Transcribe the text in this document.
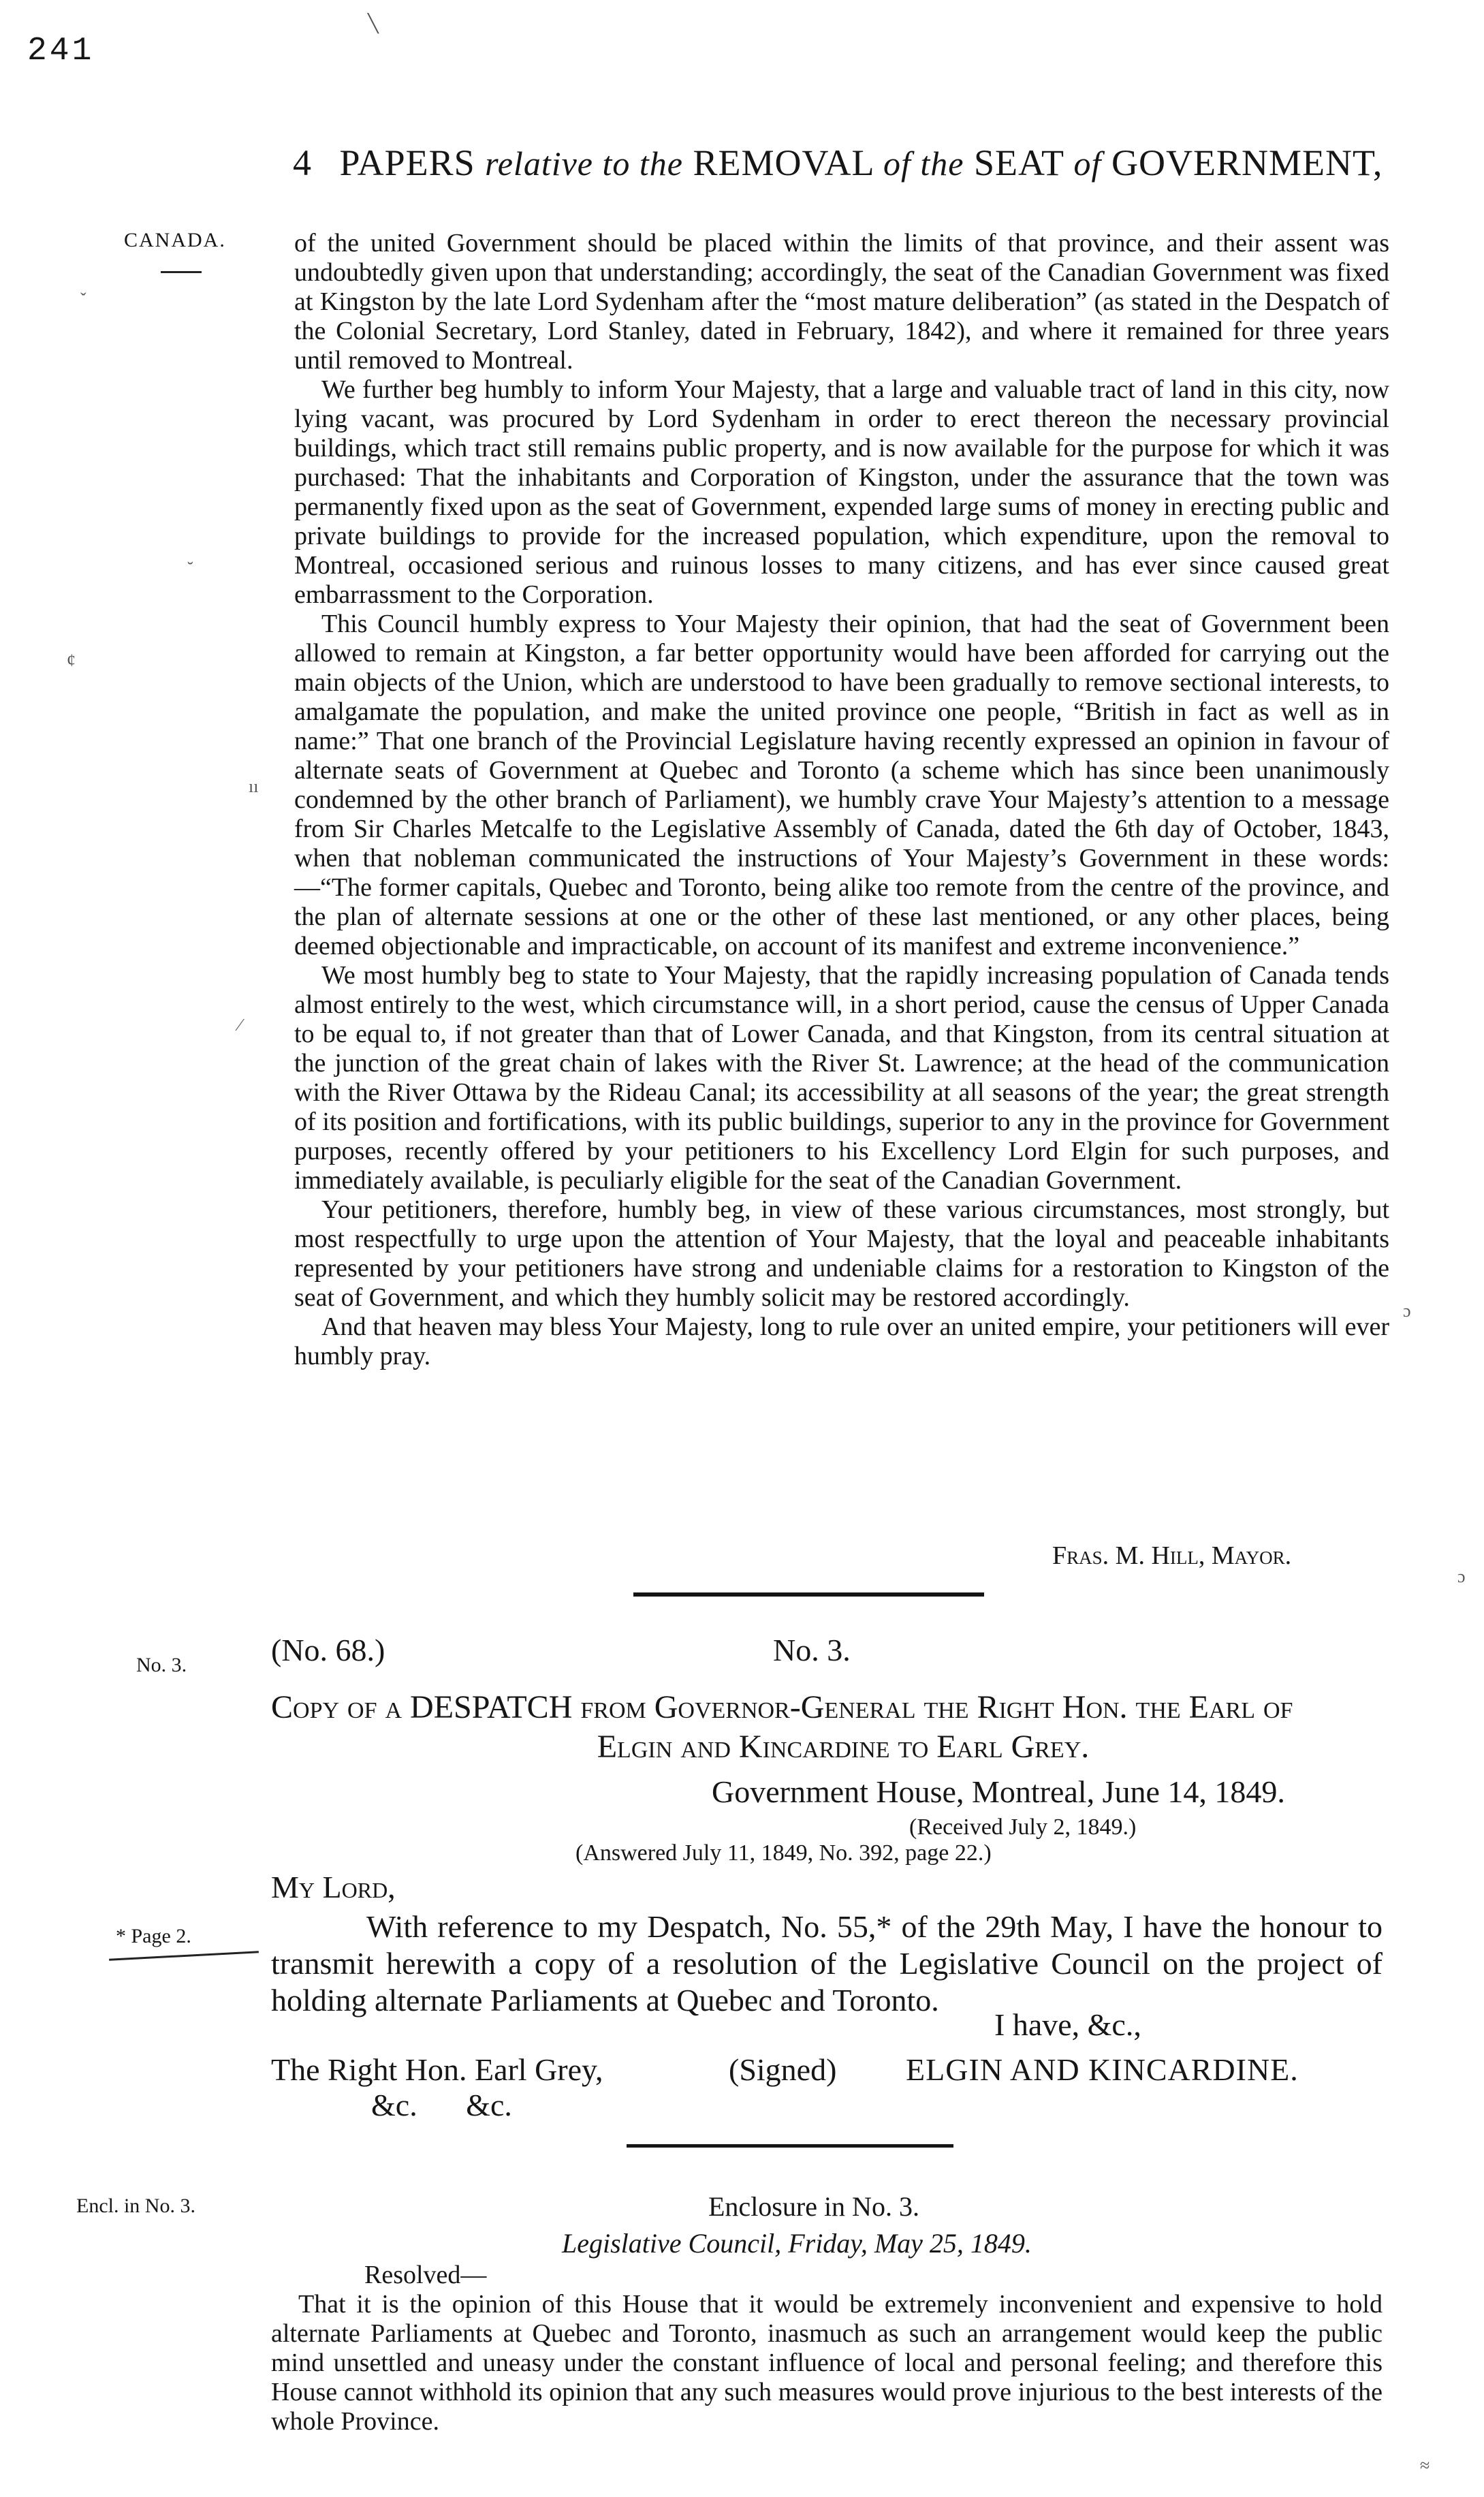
241
4 PAPERS relative to the REMOVAL of the SEAT of GOVERNMENT,
CANADA.	of the united Government should be placed within the limits of that province, and their assent was undoubtedly given upon that understanding; accordingly, the seat of the Canadian Government was fixed at Kingston by the late Lord Sydenham after the “most mature deliberation” (as stated in the Despatch of the Colonial Secretary, Lord Stanley, dated in February, 1842), and where it remained for three years until removed to Montreal.

We further beg humbly to inform Your Majesty, that a large and valuable tract of land in this city, now lying vacant, was procured by Lord Sydenham in order to erect thereon the necessary provincial buildings, which tract still remains public property, and is now available for the purpose for which it was purchased: That the inhabitants and Corporation of Kingston, under the assurance that the town was permanently fixed upon as the seat of Government, expended large sums of money in erecting public and private buildings to provide for the increased population, which expenditure, upon the removal to Montreal, occasioned serious and ruinous losses to many citizens, and has ever since caused great embarrassment to the Corporation.

This Council humbly express to Your Majesty their opinion, that had the seat of Government been allowed to remain at Kingston, a far better opportunity would have been afforded for carrying out the main objects of the Union, which are understood to have been gradually to remove sectional interests, to amalgamate the population, and make the united province one people, “British in fact as well as in name:” That one branch of the Provincial Legislature having recently expressed an opinion in favour of alternate seats of Government at Quebec and Toronto (a scheme which has since been unanimously condemned by the other branch of Parliament), we humbly crave Your Majesty’s attention to a message from Sir Charles Metcalfe to the Legislative Assembly of Canada, dated the 6th day of October, 1843, when that nobleman communicated the instructions of Your Majesty’s Government in these words:—“The former capitals, Quebec and Toronto, being alike too remote from the centre of the province, and the plan of alternate sessions at one or the other of these last mentioned, or any other places, being deemed objectionable and impracticable, on account of its manifest and extreme inconvenience.”

We most humbly beg to state to Your Majesty, that the rapidly increasing population of Canada tends almost entirely to the west, which circumstance will, in a short period, cause the census of Upper Canada to be equal to, if not greater than that of Lower Canada, and that Kingston, from its central situation at the junction of the great chain of lakes with the River St. Lawrence; at the head of the communication with the River Ottawa by the Rideau Canal; its accessibility at all seasons of the year; the great strength of its position and fortifications, with its public buildings, superior to any in the province for Government purposes, recently offered by your petitioners to his Excellency Lord Elgin for such purposes, and immediately available, is peculiarly eligible for the seat of the Canadian Government.

Your petitioners, therefore, humbly beg, in view of these various circumstances, most strongly, but most respectfully to urge upon the attention of Your Majesty, that the loyal and peaceable inhabitants represented by your petitioners have strong and undeniable claims for a restoration to Kingston of the seat of Government, and which they humbly solicit may be restored accordingly.

And that heaven may bless Your Majesty, long to rule over an united empire, your petitioners will ever humbly pray.

Fras. M. Hill, Mayor.
No. 3.	(No. 68.)	No. 3.
Copy of a DESPATCH from Governor-General the Right Hon. the Earl of
Elgin and Kincardine to Earl Grey.
Government House, Montreal, June 14, 1849.
(Received July 2, 1849.)
(Answered July 11, 1849, No. 392, page 22.)
My Lord,
* Page 2.	With reference to my Despatch, No. 55,* of the 29th May, I have the honour to transmit herewith a copy of a resolution of the Legislative Council on the project of holding alternate Parliaments at Quebec and Toronto.

I have, &c.,
The Right Hon. Earl Grey,	(Signed) ELGIN AND KINCARDINE.
&c. &c.
Encl. in No. 3.	Enclosure in No. 3.
Legislative Council, Friday, May 25, 1849.
Resolved—

That it is the opinion of this House that it would be extremely inconvenient and expensive to hold alternate Parliaments at Quebec and Toronto, inasmuch as such an arrangement would keep the public mind unsettled and uneasy under the constant influence of local and personal feeling; and therefore this House cannot withhold its opinion that any such measures would prove injurious to the best interests of the whole Province.

╲
ˇ
˘
¢
ıı
∕
ɔ
ɔ
≈
